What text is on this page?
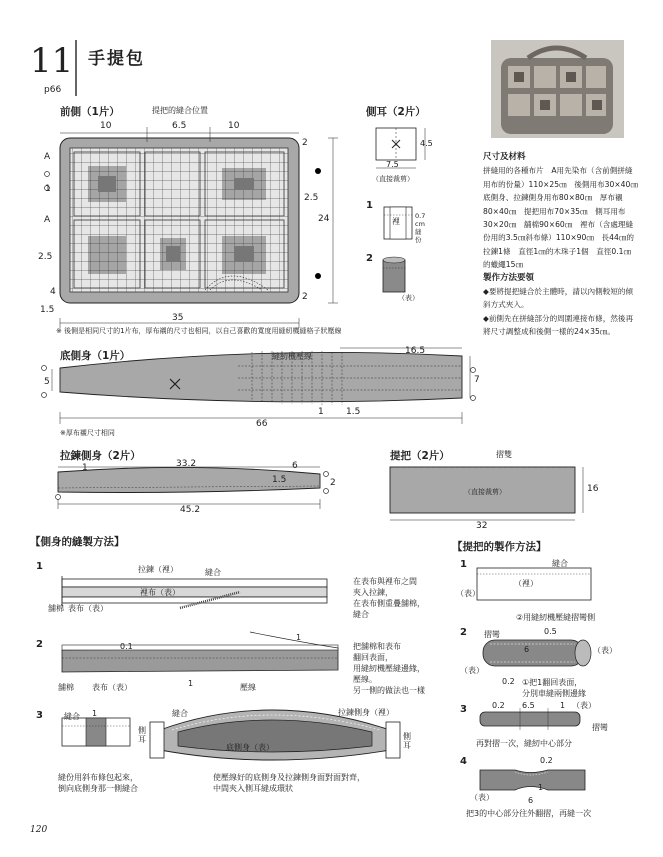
11 手提包
p66
前側（1片）	提把的縫合位置
10	6.5	10
A
1
A
2.5
4
1.5
2
2.5
24
2
35
※ 後側是相同尺寸的1片布，厚布襯的尺寸也相同，以自己喜歡的寬度用縫紉機縫格子狀壓線
側耳（2片）
4.5
7.5
（直接裁剪）
1
裡
0.7 cm 縫份
2
（表）

尺寸及材料

拼縫用的各種布片　A用先染布（含前側拼縫用布的份量）110×25㎝　後側用布30×40㎝　底側身、拉鍊側身用布80×80㎝　厚布襯80×40㎝　提把用布70×35㎝　側耳用布30×20㎝　舖棉90×60㎝　裡布（含處理縫份用的3.5㎝斜布條）110×90㎝　長44㎝的拉鍊1條　直徑1㎝的木珠子1個　直徑0.1㎝的蠟繩15㎝

製作方法要領

◆要將提把縫合於主體時，請以內側較短的傾斜方式夾入。

◆前側先在拼縫部分的周圍連接布條，然後再將尺寸調整成和後側一樣的24×35㎝。

底側身（1片）	縫紉機壓線
16.5
5	7
1 1.5
66
※厚布襯尺寸相同
拉鍊側身（2片）
1	33.2	6
1.5	2
45.2
提把（2片）	摺雙
（直接裁剪）	16
32
【側身的縫製方法】
1	拉鍊（裡）	縫合
裡布（表）
舖棉 表布（表）
在表布與裡布之間
夾入拉鍊，
在表布側重疊舖棉，
縫合
2	0.1
1
1
舖棉 表布（表）	壓線
把舖棉和表布
翻回表面，
用縫紉機壓縫邊緣，
壓線。
另一側的做法也一樣
3	縫合 1
側耳
縫合	拉鍊側身（裡）
底側身（表）
側耳
縫份用斜布條包起來，
倒向底側身那一側縫合
使壓線好的底側身及拉鍊側身面對面對齊，
中間夾入側耳縫成環狀
【提把的製作方法】
1	縫合
（裡）
（表）
②用縫紉機壓縫摺彎側
2 摺彎	0.5
6
（表）
（表）
0.2 ①把1翻回表面，
分別車縫兩側邊緣
3	0.2 6.5	1 （表）
摺彎
再對摺一次，縫紉中心部分
4	0.2
（表）
1
6
把3的中心部分往外翻摺，再縫一次
120
